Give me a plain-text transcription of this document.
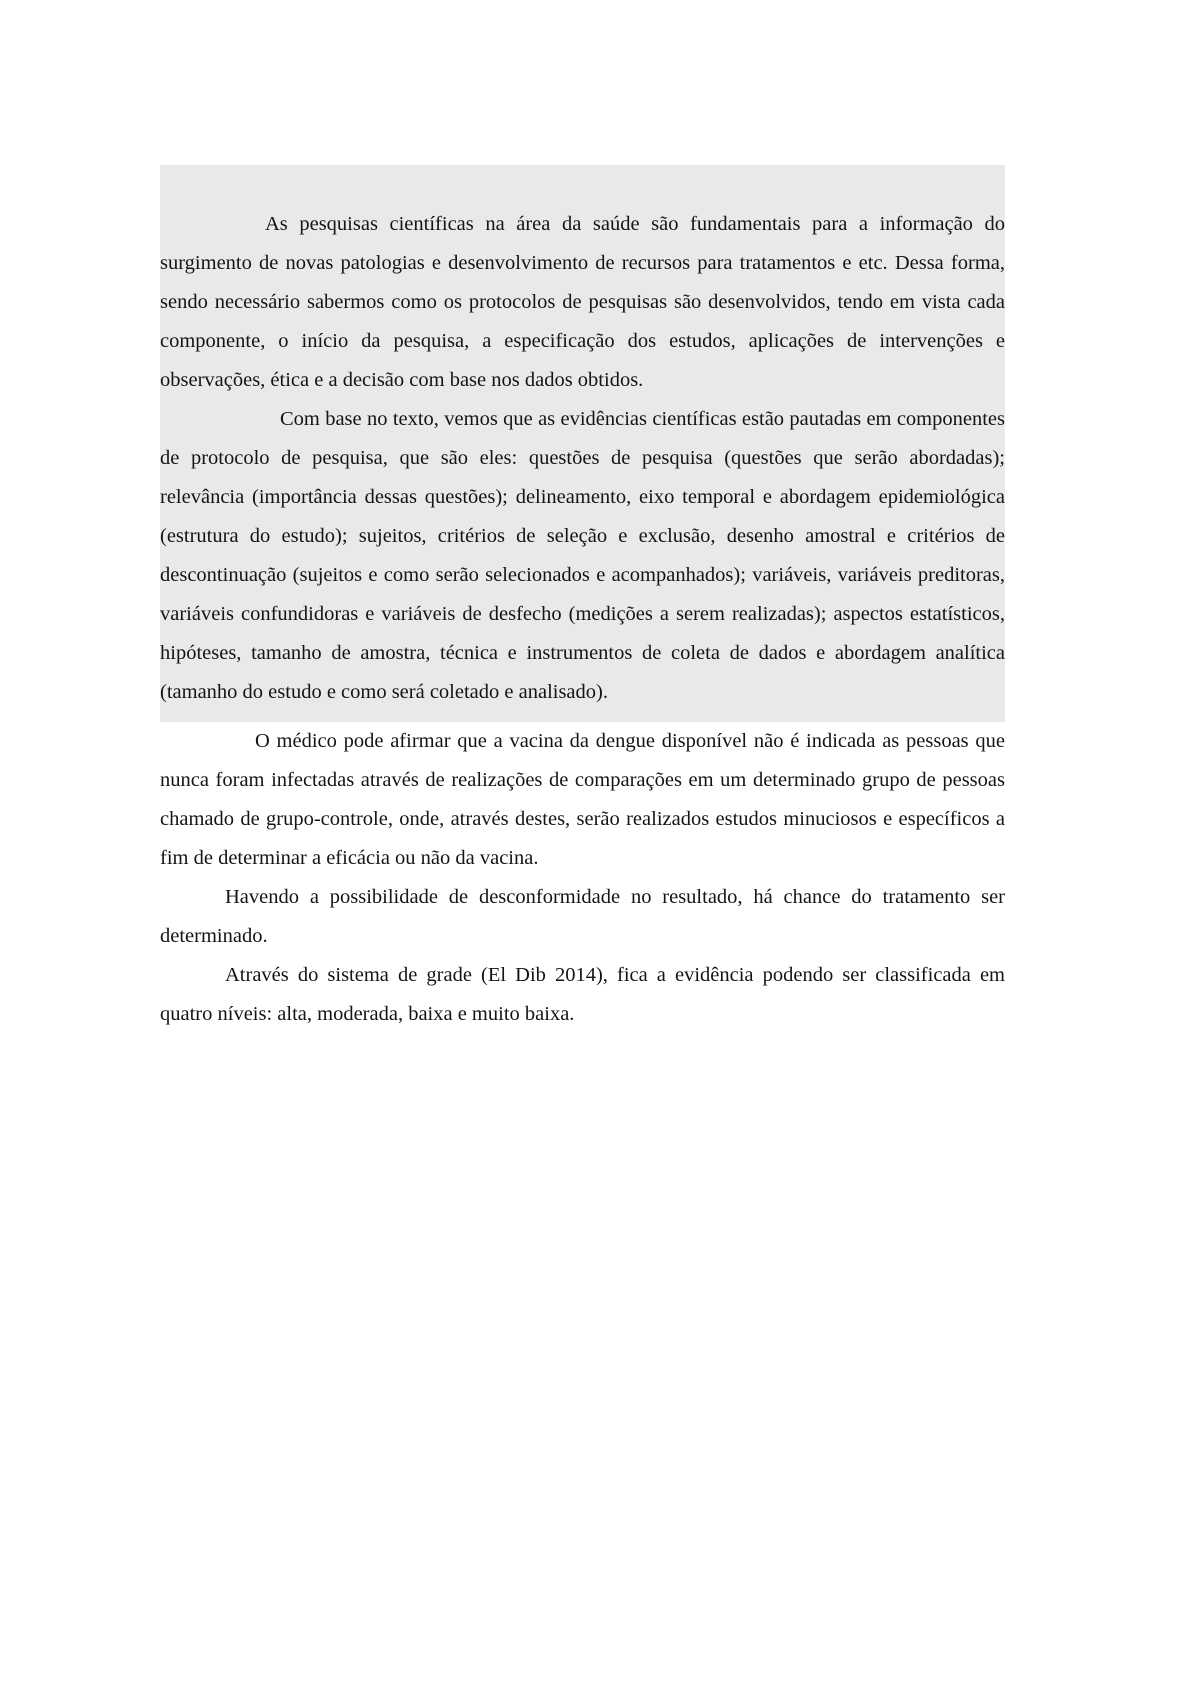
As pesquisas científicas na área da saúde são fundamentais para a informação do surgimento de novas patologias e desenvolvimento de recursos para tratamentos e etc. Dessa forma, sendo necessário sabermos como os protocolos de pesquisas são desenvolvidos, tendo em vista cada componente, o início da pesquisa, a especificação dos estudos, aplicações de intervenções e observações, ética e a decisão com base nos dados obtidos.

Com base no texto, vemos que as evidências científicas estão pautadas em componentes de protocolo de pesquisa, que são eles: questões de pesquisa (questões que serão abordadas); relevância (importância dessas questões); delineamento, eixo temporal e abordagem epidemiológica (estrutura do estudo); sujeitos, critérios de seleção e exclusão, desenho amostral e critérios de descontinuação (sujeitos e como serão selecionados e acompanhados); variáveis, variáveis preditoras, variáveis confundidoras e variáveis de desfecho (medições a serem realizadas); aspectos estatísticos, hipóteses, tamanho de amostra, técnica e instrumentos de coleta de dados e abordagem analítica (tamanho do estudo e como será coletado e analisado).

O médico pode afirmar que a vacina da dengue disponível não é indicada as pessoas que nunca foram infectadas através de realizações de comparações em um determinado grupo de pessoas chamado de grupo-controle, onde, através destes, serão realizados estudos minuciosos e específicos a fim de determinar a eficácia ou não da vacina.

Havendo a possibilidade de desconformidade no resultado, há chance do tratamento ser determinado.

Através do sistema de grade (El Dib 2014), fica a evidência podendo ser classificada em quatro níveis: alta, moderada, baixa e muito baixa.
